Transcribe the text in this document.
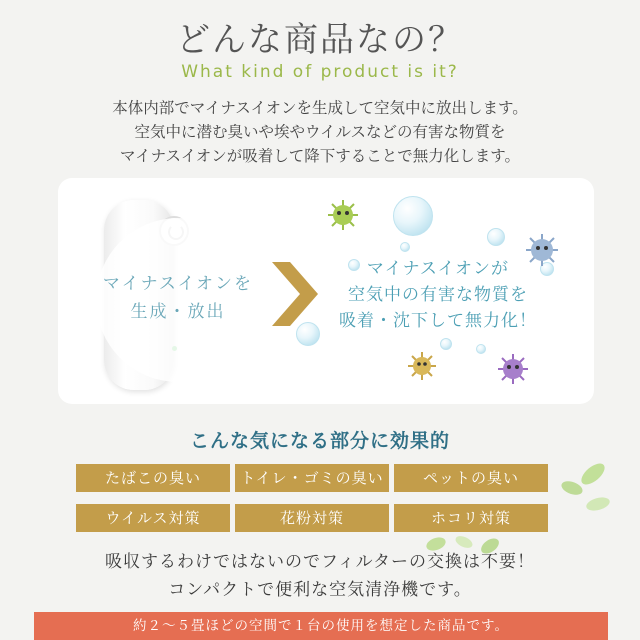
どんな商品なの？
What kind of product is it?
本体内部でマイナスイオンを生成して空気中に放出します。
空気中に潜む臭いや埃やウイルスなどの有害な物質を
マイナスイオンが吸着して降下することで無力化します。
マイナスイオンを
生成・放出
マイナスイオンが
空気中の有害な物質を
吸着・沈下して無力化！
こんな気になる部分に効果的
たばこの臭い	トイレ・ゴミの臭い	ペットの臭い
ウイルス対策	花粉対策	ホコリ対策
吸収するわけではないのでフィルターの交換は不要！
コンパクトで便利な空気清浄機です。
約２〜５畳ほどの空間で１台の使用を想定した商品です。
